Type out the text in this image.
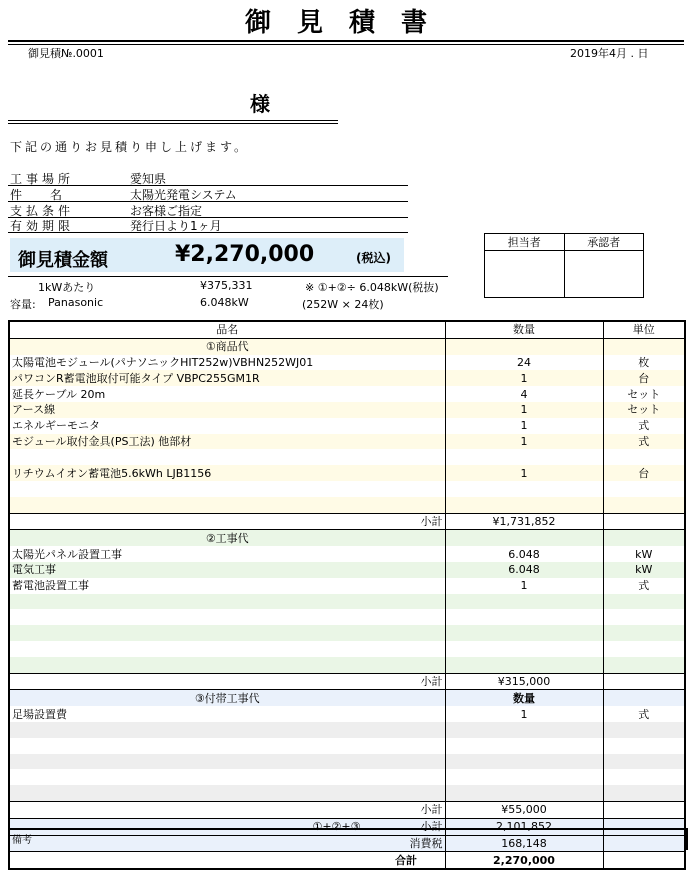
御見積書
御見積№.0001	2019年4月 . 日
様
下記の通りお見積り申し上げます。
工事場所	愛知県
件名	太陽光発電システム
支払条件	お客様ご指定
有効期限	発行日より1ヶ月
御見積金額	¥2,270,000	(税込)
1kWあたり	¥375,331	※ ①+②÷ 6.048kW(税抜)
容量: Panasonic	6.048kW	(252W × 24枚)
担当者	承認者

品名	数量	単位
①商品代		
太陽電池モジュール(パナソニックHIT252w)VBHN252WJ01	24	枚
パワコンR蓄電池取付可能タイプ VBPC255GM1R	1	台
延長ケーブル 20m	4	セット
アース線	1	セット
エネルギーモニタ	1	式
モジュール取付金具(PS工法) 他部材	1	式

リチウムイオン蓄電池5.6kWh LJB1156	1	台

小計	¥1,731,852	
②工事代		
太陽光パネル設置工事	6.048	kW
電気工事	6.048	kW
蓄電池設置工事	1	式

小計	¥315,000	
③付帯工事代	数量	
足場設置費	1	式

小計	¥55,000	
①+②+③ 小計	2,101,852	
消費税	168,148	
合計	2,270,000	
備考
